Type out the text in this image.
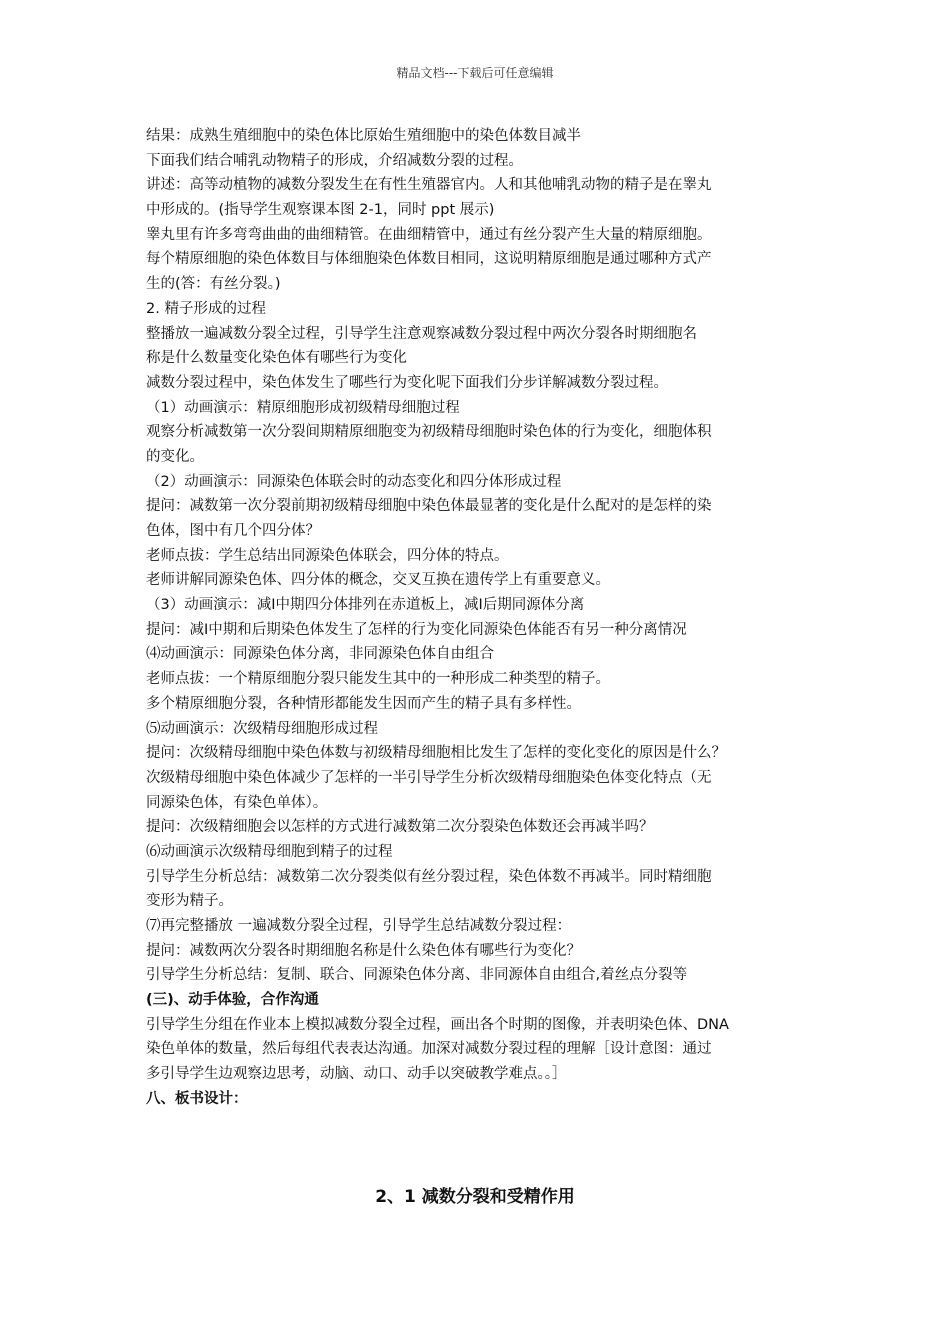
精品文档---下载后可任意编辑
结果：成熟生殖细胞中的染色体比原始生殖细胞中的染色体数目减半
下面我们结合哺乳动物精子的形成，介绍减数分裂的过程。
讲述：高等动植物的减数分裂发生在有性生殖器官内。人和其他哺乳动物的精子是在睾丸
中形成的。(指导学生观察课本图 2-1，同时 ppt 展示)
睾丸里有许多弯弯曲曲的曲细精管。在曲细精管中，通过有丝分裂产生大量的精原细胞。
每个精原细胞的染色体数目与体细胞染色体数目相同，这说明精原细胞是通过哪种方式产
生的(答：有丝分裂。)
2. 精子形成的过程
整播放一遍减数分裂全过程，引导学生注意观察减数分裂过程中两次分裂各时期细胞名
称是什么数量变化染色体有哪些行为变化
减数分裂过程中，染色体发生了哪些行为变化呢下面我们分步详解减数分裂过程。
（1）动画演示：精原细胞形成初级精母细胞过程
观察分析减数第一次分裂间期精原细胞变为初级精母细胞时染色体的行为变化，细胞体积
的变化。
（2）动画演示：同源染色体联会时的动态变化和四分体形成过程
提问：减数第一次分裂前期初级精母细胞中染色体最显著的变化是什么配对的是怎样的染
色体，图中有几个四分体？
老师点拔：学生总结出同源染色体联会，四分体的特点。
老师讲解同源染色体、四分体的概念，交叉互换在遗传学上有重要意义。
（3）动画演示：减Ⅰ中期四分体排列在赤道板上，减Ⅰ后期同源体分离
提问：减Ⅰ中期和后期染色体发生了怎样的行为变化同源染色体能否有另一种分离情况
⑷动画演示：同源染色体分离，非同源染色体自由组合
老师点拔：一个精原细胞分裂只能发生其中的一种形成二种类型的精子。
多个精原细胞分裂，各种情形都能发生因而产生的精子具有多样性。
⑸动画演示：次级精母细胞形成过程
提问：次级精母细胞中染色体数与初级精母细胞相比发生了怎样的变化变化的原因是什么？
次级精母细胞中染色体减少了怎样的一半引导学生分析次级精母细胞染色体变化特点（无
同源染色体，有染色单体）。
提问：次级精细胞会以怎样的方式进行减数第二次分裂染色体数还会再减半吗？
⑹动画演示次级精母细胞到精子的过程
引导学生分析总结：减数第二次分裂类似有丝分裂过程，染色体数不再减半。同时精细胞
变形为精子。
⑺再完整播放 一遍减数分裂全过程，引导学生总结减数分裂过程：
提问：减数两次分裂各时期细胞名称是什么染色体有哪些行为变化？
引导学生分析总结：复制、联合、同源染色体分离、非同源体自由组合,着丝点分裂等
(三)、动手体验，合作沟通
引导学生分组在作业本上模拟减数分裂全过程，画出各个时期的图像，并表明染色体、DNA
染色单体的数量，然后每组代表表达沟通。加深对减数分裂过程的理解［设计意图：通过
多引导学生边观察边思考，动脑、动口、动手以突破教学难点。。］
八、板书设计：
2、1 减数分裂和受精作用
